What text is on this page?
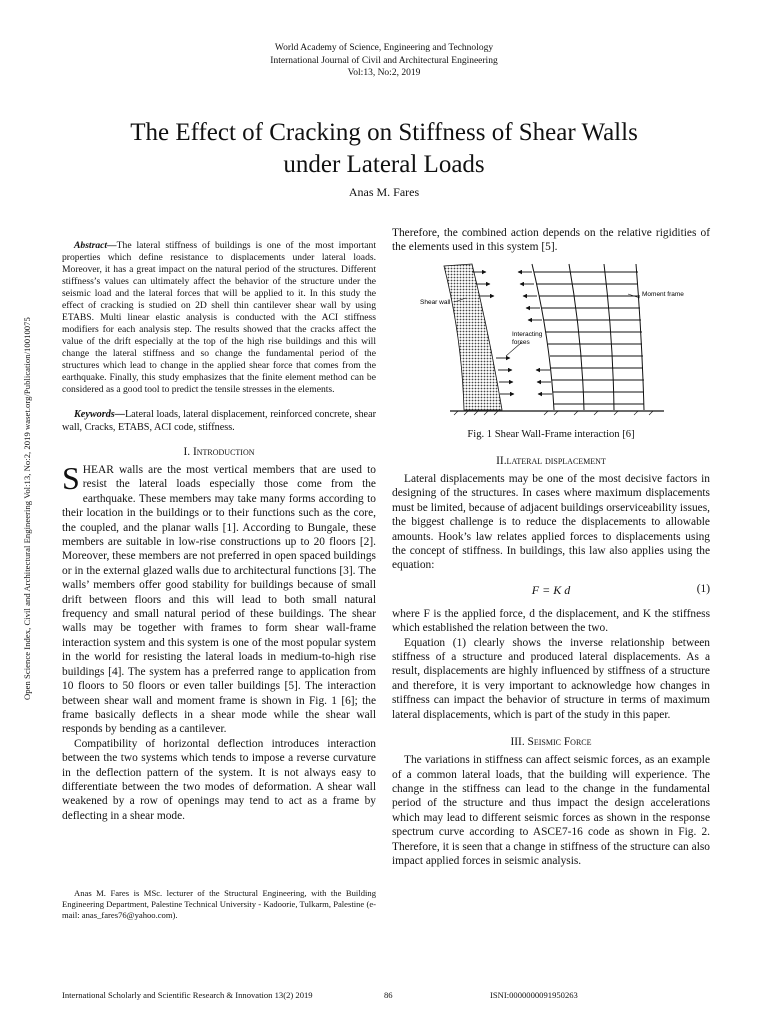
World Academy of Science, Engineering and Technology
International Journal of Civil and Architectural Engineering
Vol:13, No:2, 2019
The Effect of Cracking on Stiffness of Shear Walls
under Lateral Loads
Anas M. Fares
Open Science Index, Civil and Architectural Engineering Vol:13, No:2, 2019 waset.org/Publication/10010075

Abstract—The lateral stiffness of buildings is one of the most important properties which define resistance to displacements under lateral loads. Moreover, it has a great impact on the natural period of the structures. Different stiffness’s values can ultimately affect the behavior of the structure under the seismic load and the lateral forces that will be applied to it. In this study the effect of cracking is studied on 2D shell thin cantilever shear wall by using ETABS. Multi linear elastic analysis is conducted with the ACI stiffness modifiers for each analysis step. The results showed that the cracks affect the value of the drift especially at the top of the high rise buildings and this will change the lateral stiffness and so change the fundamental period of the structures which lead to change in the applied shear force that comes from the earthquake. Finally, this study emphasizes that the finite element method can be considered as a good tool to predict the tensile stresses in the elements.

Keywords—Lateral loads, lateral displacement, reinforced concrete, shear wall, Cracks, ETABS, ACI code, stiffness.

I. Introduction

SHEAR walls are the most vertical members that are used to resist the lateral loads especially those come from the earthquake. These members may take many forms according to their location in the buildings or to their functions such as the core, the coupled, and the planar walls [1]. According to Bungale, these members are suitable in low-rise constructions up to 20 floors [2]. Moreover, these members are not preferred in open spaced buildings or in the external glazed walls due to architectural functions [3]. The walls’ members offer good stability for buildings because of small drift between floors and this will lead to both small natural frequency and small natural period of these buildings. The shear walls may be together with frames to form shear wall-frame interaction system and this system is one of the most popular system in the world for resisting the lateral loads in medium-to-high rise buildings [4]. The system has a preferred range to application from 10 floors to 50 floors or even taller buildings [5]. The interaction between shear wall and moment frame is shown in Fig. 1 [6]; the frame basically deflects in a shear mode while the shear wall responds by bending as a cantilever.

Compatibility of horizontal deflection introduces interaction between the two systems which tends to impose a reverse curvature in the deflection pattern of the system. It is not always easy to differentiate between the two modes of deformation. A shear wall weakened by a row of openings may tend to act as a frame by deflecting in a shear mode.

Anas M. Fares is MSc. lecturer of the Structural Engineering, with the Building Engineering Department, Palestine Technical University - Kadoorie, Tulkarm, Palestine (e-mail: anas_fares76@yahoo.com).
Therefore, the combined action depends on the relative rigidities of the elements used in this system [5].
Shear wall
Moment frame
Interacting
forces
Fig. 1 Shear Wall-Frame interaction [6]
II.lateral displacement

Lateral displacements may be one of the most decisive factors in designing of the structures. In cases where maximum displacements must be limited, because of adjacent buildings orserviceability issues, the biggest challenge is to reduce the displacements to allowable amounts. Hook’s law relates applied forces to displacements using the concept of stiffness. In buildings, this law also applies using the equation:

F = K d	(1)

where F is the applied force, d the displacement, and K the stiffness which established the relation between the two.

Equation (1) clearly shows the inverse relationship between stiffness of a structure and produced lateral displacements. As a result, displacements are highly influenced by stiffness of a structure and therefore, it is very important to acknowledge how changes in stiffness can impact the behavior of structure in terms of maximum lateral displacements, which is part of the study in this paper.

III. Seismic Force

The variations in stiffness can affect seismic forces, as an example of a common lateral loads, that the building will experience. The change in the stiffness can lead to the change in the fundamental period of the structure and thus impact the design accelerations which may lead to different seismic forces as shown in the response spectrum curve according to ASCE7-16 code as shown in Fig. 2. Therefore, it is seen that a change in stiffness of the structure can also impact applied forces in seismic analysis.

International Scholarly and Scientific Research & Innovation 13(2) 2019	86	ISNI:0000000091950263
